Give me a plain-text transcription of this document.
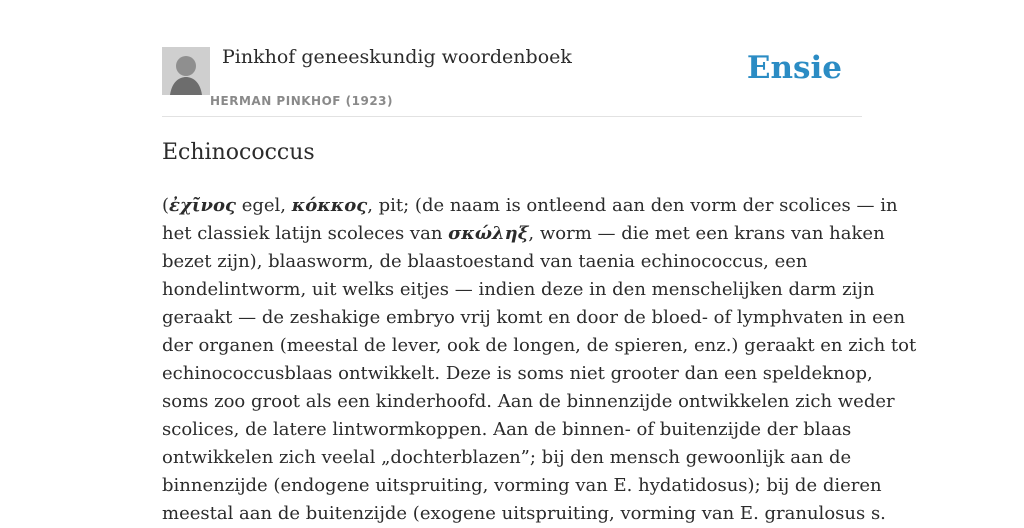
Pinkhof geneeskundig woordenboek
HERMAN PINKHOF (1923)
Ensie
Echinococcus
(ἐχῖνος egel, κόκκος, pit; (de naam is ontleend aan den vorm der scolices — in
het classiek latijn scoleces van σκώληξ, worm — die met een krans van haken
bezet zijn), blaasworm, de blaastoestand van taenia echinococcus, een
hondelintworm, uit welks eitjes — indien deze in den menschelijken darm zijn
geraakt — de zeshakige embryo vrij komt en door de bloed- of lymphvaten in een
der organen (meestal de lever, ook de longen, de spieren, enz.) geraakt en zich tot
echinococcusblaas ontwikkelt. Deze is soms niet grooter dan een speldeknop,
soms zoo groot als een kinderhoofd. Aan de binnenzijde ontwikkelen zich weder
scolices, de latere lintwormkoppen. Aan de binnen- of buitenzijde der blaas
ontwikkelen zich veelal „dochterblazen”; bij den mensch gewoonlijk aan de
binnenzijde (endogene uitspruiting, vorming van E. hydatidosus); bij de dieren
meestal aan de buitenzijde (exogene uitspruiting, vorming van E. granulosus s.
